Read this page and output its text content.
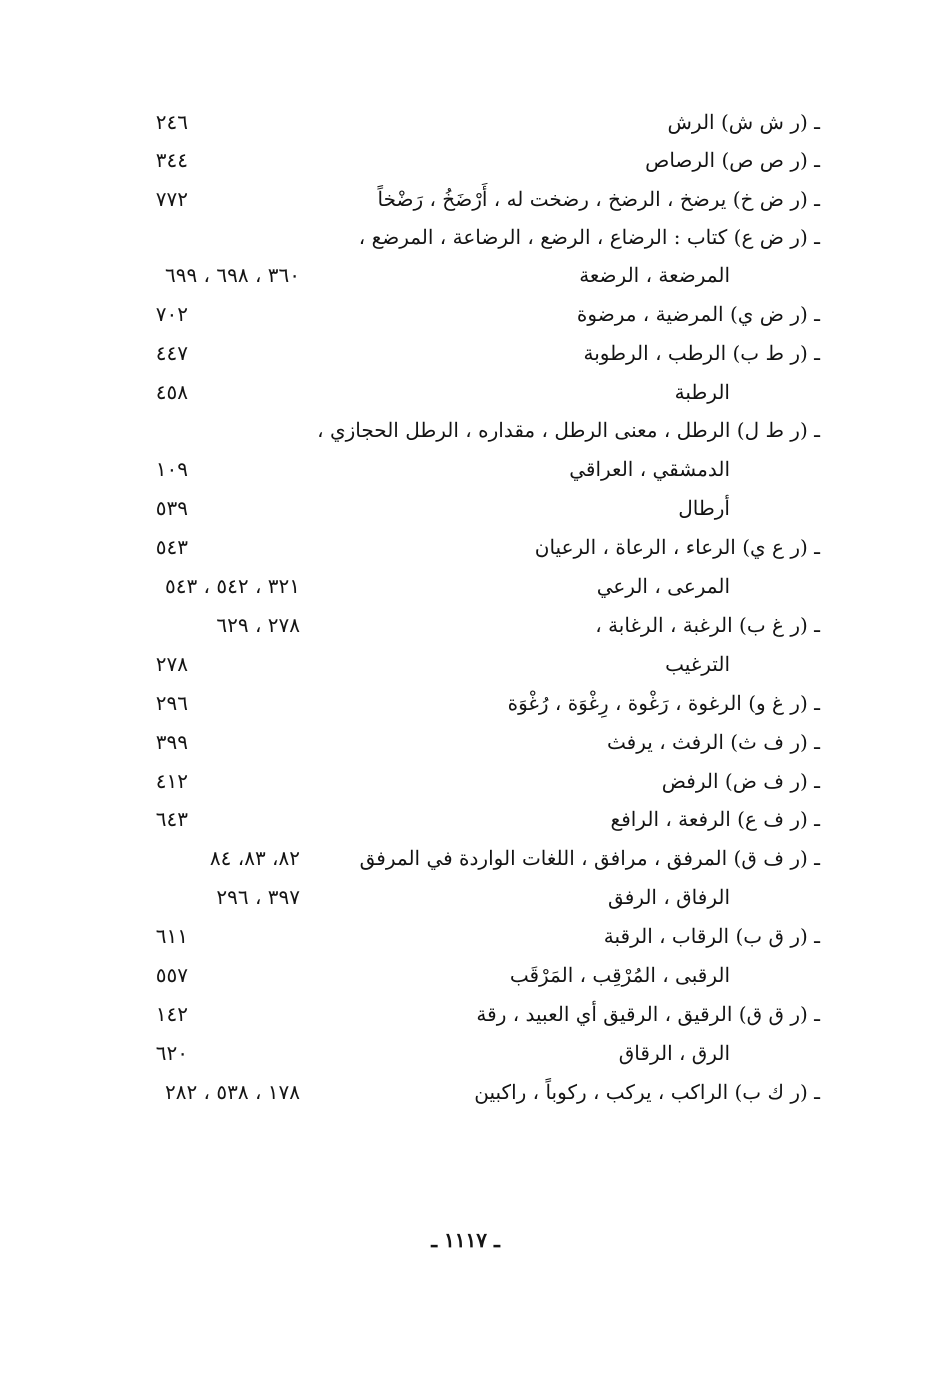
ـ (ر ش ش) الرش
٢٤٦
ـ (ر ص ص) الرصاص
٣٤٤
ـ (ر ض خ) يرضخ ، الرضخ ، رضخت له ، أَرْضَخُ ، رَضْخاً
٧٧٢
ـ (ر ض ع) كتاب : الرضاع ، الرضع ، الرضاعة ، المرضع ،
المرضعة ، الرضعة
٣٦٠ ، ٦٩٨ ، ٦٩٩
ـ (ر ض ي) المرضية ، مرضوة
٧٠٢
ـ (ر ط ب) الرطب ، الرطوبة
٤٤٧
الرطبة
٤٥٨
ـ (ر ط ل) الرطل ، معنى الرطل ، مقداره ، الرطل الحجازي ،
الدمشقي ، العراقي
١٠٩
أرطال
٥٣٩
ـ (ر ع ي) الرعاء ، الرعاة ، الرعيان
٥٤٣
المرعى ، الرعي
٣٢١ ، ٥٤٢ ، ٥٤٣
ـ (ر غ ب) الرغبة ، الرغابة ،
٢٧٨ ، ٦٢٩
الترغيب
٢٧٨
ـ (ر غ و) الرغوة ، رَغْوة ، رِغْوَة ، رُغْوَة
٢٩٦
ـ (ر ف ث) الرفث ، يرفث
٣٩٩
ـ (ر ف ض) الرفض
٤١٢
ـ (ر ف ع) الرفعة ، الرافع
٦٤٣
ـ (ر ف ق) المرفق ، مرافق ، اللغات الواردة في المرفق
٨٢، ٨٣، ٨٤
الرفاق ، الرفق
٣٩٧ ، ٢٩٦
ـ (ر ق ب) الرقاب ، الرقبة
٦١١
الرقبى ، المُرْقِب ، المَرْقَب
٥٥٧
ـ (ر ق ق) الرقيق ، الرقيق أي العبيد ، رقة
١٤٢
الرق ، الرقاق
٦٢٠
ـ (ر ك ب) الراكب ، يركب ، ركوباً ، راكبين
١٧٨ ، ٥٣٨ ، ٢٨٢
ـ ١١١٧ ـ
